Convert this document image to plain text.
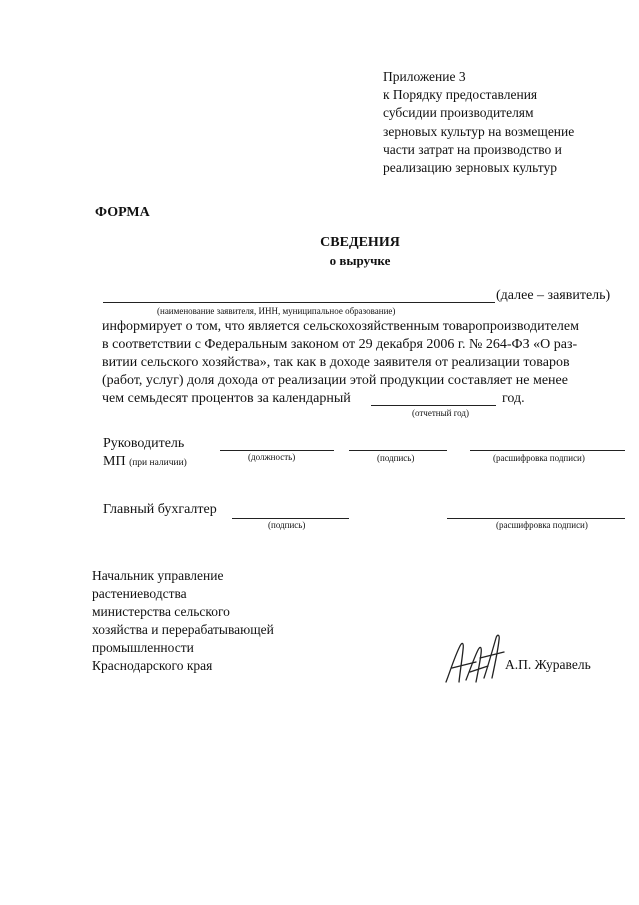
Приложение 3
к Порядку предоставления
субсидии производителям
зерновых культур на возмещение
части затрат на производство и
реализацию зерновых культур
ФОРМА
СВЕДЕНИЯ
о выручке
(далее – заявитель)
(наименование заявителя, ИНН, муниципальное образование)
информирует о том, что является сельскохозяйственным товаропроизводителем
в соответствии с Федеральным законом от 29 декабря 2006 г. № 264-ФЗ «О раз-
витии сельского хозяйства», так как в доходе заявителя от реализации товаров
(работ, услуг) доля дохода от реализации этой продукции составляет не менее
чем семьдесят процентов за календарный	год.
(отчетный год)
Руководитель
МП (при наличии)
(должность)	(подпись)	(расшифровка подписи)
Главный бухгалтер
(подпись)	(расшифровка подписи)
Начальник управление
растениеводства
министерства сельского
хозяйства и перерабатывающей
промышленности
Краснодарского края	А.П. Журавель
